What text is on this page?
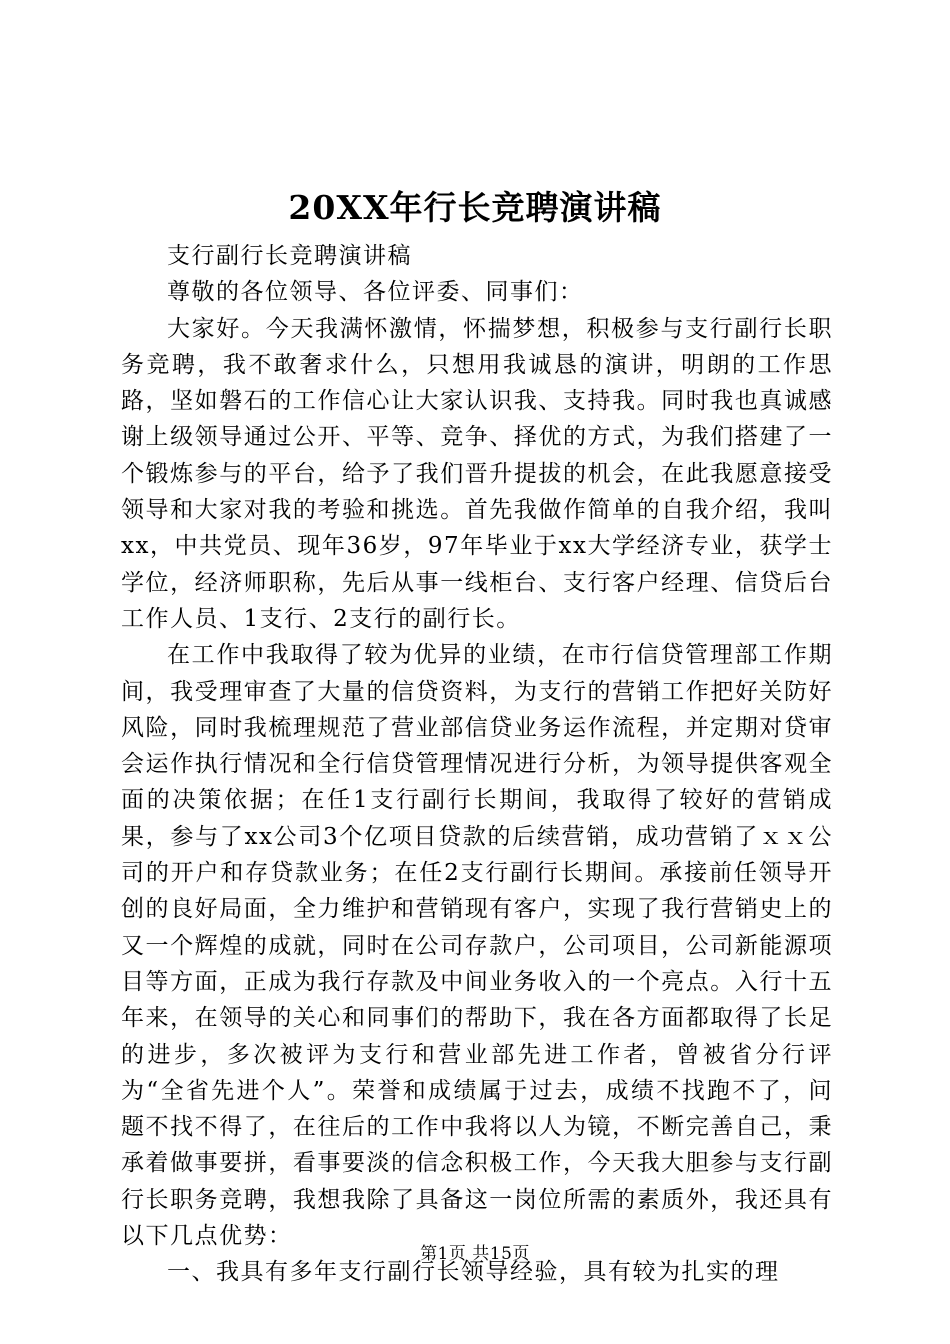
20XX年行长竞聘演讲稿

支行副行长竞聘演讲稿

尊敬的各位领导、各位评委、同事们：

大家好。今天我满怀激情，怀揣梦想，积极参与支行副行长职务竞聘，我不敢奢求什么，只想用我诚恳的演讲，明朗的工作思路，坚如磐石的工作信心让大家认识我、支持我。同时我也真诚感谢上级领导通过公开、平等、竞争、择优的方式，为我们搭建了一个锻炼参与的平台，给予了我们晋升提拔的机会，在此我愿意接受领导和大家对我的考验和挑选。首先我做作简单的自我介绍，我叫xx，中共党员、现年36岁，97年毕业于xx大学经济专业，获学士学位，经济师职称，先后从事一线柜台、支行客户经理、信贷后台工作人员、1支行、2支行的副行长。

在工作中我取得了较为优异的业绩，在市行信贷管理部工作期间，我受理审查了大量的信贷资料，为支行的营销工作把好关防好风险，同时我梳理规范了营业部信贷业务运作流程，并定期对贷审会运作执行情况和全行信贷管理情况进行分析，为领导提供客观全面的决策依据；在任1支行副行长期间，我取得了较好的营销成果，参与了xx公司3个亿项目贷款的后续营销，成功营销了ｘｘ公司的开户和存贷款业务；在任2支行副行长期间。承接前任领导开创的良好局面，全力维护和营销现有客户，实现了我行营销史上的又一个辉煌的成就，同时在公司存款户，公司项目，公司新能源项目等方面，正成为我行存款及中间业务收入的一个亮点。入行十五年来，在领导的关心和同事们的帮助下，我在各方面都取得了长足的进步，多次被评为支行和营业部先进工作者，曾被省分行评为“全省先进个人”。荣誉和成绩属于过去，成绩不找跑不了，问题不找不得了，在往后的工作中我将以人为镜，不断完善自己，秉承着做事要拼，看事要淡的信念积极工作，今天我大胆参与支行副行长职务竞聘，我想我除了具备这一岗位所需的素质外，我还具有以下几点优势：

一、我具有多年支行副行长领导经验，具有较为扎实的理

第1页 共15页
